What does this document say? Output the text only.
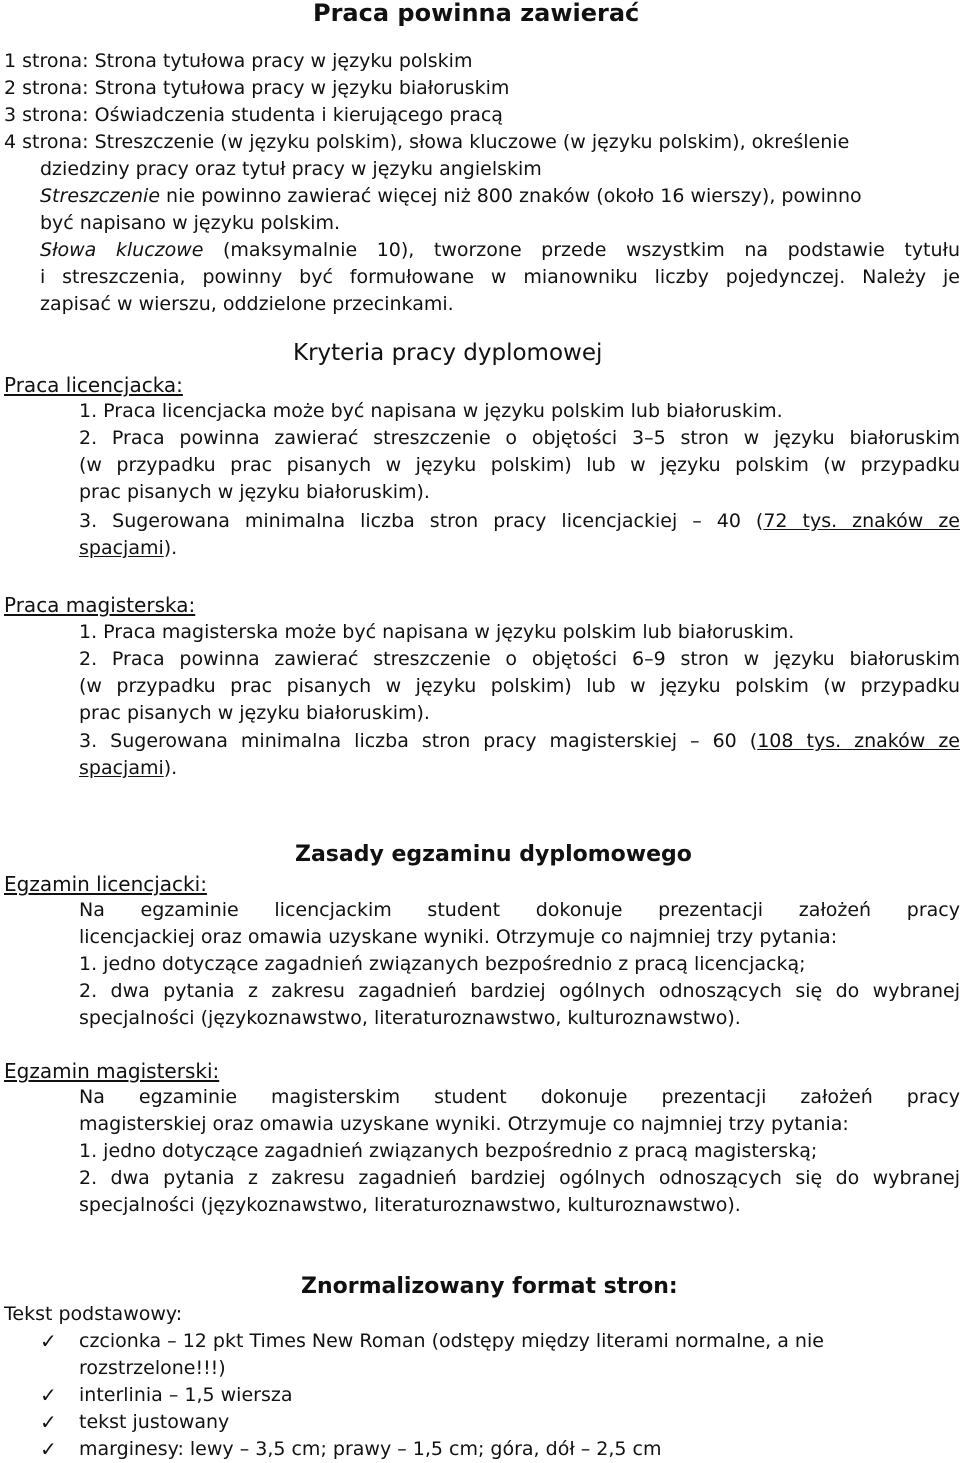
Praca powinna zawierać
1 strona: Strona tytułowa pracy w języku polskim
2 strona: Strona tytułowa pracy w języku białoruskim
3 strona: Oświadczenia studenta i kierującego pracą
4 strona: Streszczenie (w języku polskim), słowa kluczowe (w języku polskim), określenie
dziedziny pracy oraz tytuł pracy w języku angielskim
Streszczenie nie powinno zawierać więcej niż 800 znaków (około 16 wierszy), powinno
być napisano w języku polskim.
Słowa kluczowe (maksymalnie 10), tworzone przede wszystkim na podstawie tytułu
i streszczenia, powinny być formułowane w mianowniku liczby pojedynczej. Należy je
zapisać w wierszu, oddzielone przecinkami.
Kryteria pracy dyplomowej
Praca licencjacka:
1. Praca licencjacka może być napisana w języku polskim lub białoruskim.
2. Praca powinna zawierać streszczenie o objętości 3–5 stron w języku białoruskim
(w przypadku prac pisanych w języku polskim) lub w języku polskim (w przypadku
prac pisanych w języku białoruskim).
3. Sugerowana minimalna liczba stron pracy licencjackiej – 40 (72 tys. znaków ze
spacjami).
Praca magisterska:
1. Praca magisterska może być napisana w języku polskim lub białoruskim.
2. Praca powinna zawierać streszczenie o objętości 6–9 stron w języku białoruskim
(w przypadku prac pisanych w języku polskim) lub w języku polskim (w przypadku
prac pisanych w języku białoruskim).
3. Sugerowana minimalna liczba stron pracy magisterskiej – 60 (108 tys. znaków ze
spacjami).
Zasady egzaminu dyplomowego
Egzamin licencjacki:
Na egzaminie licencjackim student dokonuje prezentacji założeń pracy
licencjackiej oraz omawia uzyskane wyniki. Otrzymuje co najmniej trzy pytania:
1. jedno dotyczące zagadnień związanych bezpośrednio z pracą licencjacką;
2. dwa pytania z zakresu zagadnień bardziej ogólnych odnoszących się do wybranej
specjalności (językoznawstwo, literaturoznawstwo, kulturoznawstwo).
Egzamin magisterski:
Na egzaminie magisterskim student dokonuje prezentacji założeń pracy
magisterskiej oraz omawia uzyskane wyniki. Otrzymuje co najmniej trzy pytania:
1. jedno dotyczące zagadnień związanych bezpośrednio z pracą magisterską;
2. dwa pytania z zakresu zagadnień bardziej ogólnych odnoszących się do wybranej
specjalności (językoznawstwo, literaturoznawstwo, kulturoznawstwo).
Znormalizowany format stron:
Tekst podstawowy:
✓ czcionka – 12 pkt Times New Roman (odstępy między literami normalne, a nie
rozstrzelone!!!)
✓ interlinia – 1,5 wiersza
✓ tekst justowany
✓ marginesy: lewy – 3,5 cm; prawy – 1,5 cm; góra, dół – 2,5 cm
